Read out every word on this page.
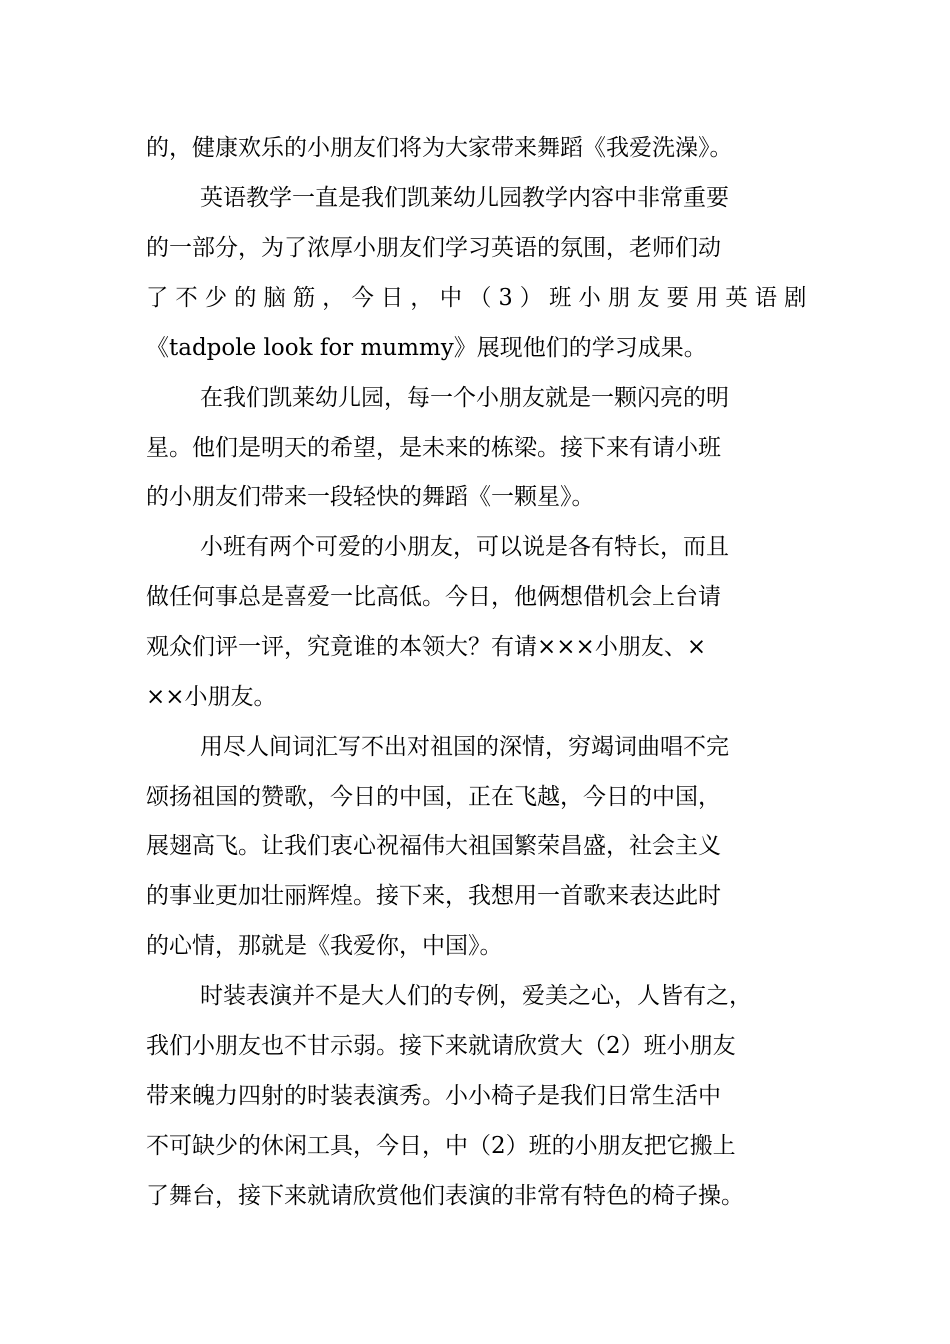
的，健康欢乐的小朋友们将为大家带来舞蹈《我爱洗澡》。
英语教学一直是我们凯莱幼儿园教学内容中非常重要
的一部分，为了浓厚小朋友们学习英语的氛围，老师们动
了 不 少 的 脑 筋 ， 今 日 ， 中 （ 3 ） 班 小 朋 友 要 用 英 语 剧
《tadpole look for mummy》展现他们的学习成果。
在我们凯莱幼儿园，每一个小朋友就是一颗闪亮的明
星。他们是明天的希望，是未来的栋梁。接下来有请小班
的小朋友们带来一段轻快的舞蹈《一颗星》。
小班有两个可爱的小朋友，可以说是各有特长，而且
做任何事总是喜爱一比高低。今日，他俩想借机会上台请
观众们评一评，究竟谁的本领大？有请×××小朋友、×
××小朋友。
用尽人间词汇写不出对祖国的深情，穷竭词曲唱不完
颂扬祖国的赞歌，今日的中国，正在飞越，今日的中国，
展翅高飞。让我们衷心祝福伟大祖国繁荣昌盛，社会主义
的事业更加壮丽辉煌。接下来，我想用一首歌来表达此时
的心情，那就是《我爱你，中国》。
时装表演并不是大人们的专例，爱美之心，人皆有之，
我们小朋友也不甘示弱。接下来就请欣赏大（2）班小朋友
带来魄力四射的时装表演秀。小小椅子是我们日常生活中
不可缺少的休闲工具，今日，中（2）班的小朋友把它搬上
了舞台，接下来就请欣赏他们表演的非常有特色的椅子操。
